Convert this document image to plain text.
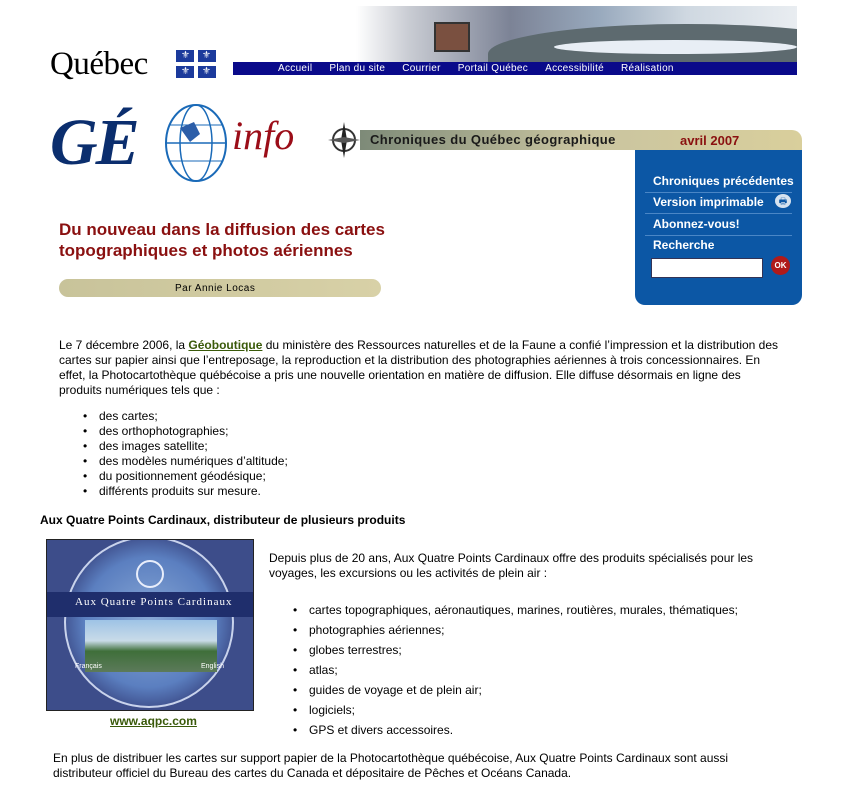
Québec	⚜ ⚜
⚜ ⚜	Accueil	Plan du site	Courrier	Portail Québec	Accessibilité	Réalisation
GÉ info	Chroniques du Québec géographique	avril 2007
Chroniques précédentes
Version imprimable	🖶
Abonnez-vous!
Recherche
OK
Du nouveau dans la diffusion des cartes topographiques et photos aériennes
Par Annie Locas
Le 7 décembre 2006, la Géoboutique du ministère des Ressources naturelles et de la Faune a confié l’impression et la distribution des cartes sur papier ainsi que l’entreposage, la reproduction et la distribution des photographies aériennes à trois concessionnaires. En effet, la Photocartothèque québécoise a pris une nouvelle orientation en matière de diffusion. Elle diffuse désormais en ligne des produits numériques tels que :
• des cartes;
• des orthophotographies;
• des images satellite;
• des modèles numériques d’altitude;
• du positionnement géodésique;
• différents produits sur mesure.
Aux Quatre Points Cardinaux, distributeur de plusieurs produits
Aux Quatre Points Cardinaux
Français	English
www.aqpc.com
Depuis plus de 20 ans, Aux Quatre Points Cardinaux offre des produits spécialisés pour les voyages, les excursions ou les activités de plein air :
• cartes topographiques, aéronautiques, marines, routières, murales, thématiques;
• photographies aériennes;
• globes terrestres;
• atlas;
• guides de voyage et de plein air;
• logiciels;
• GPS et divers accessoires.
En plus de distribuer les cartes sur support papier de la Photocartothèque québécoise, Aux Quatre Points Cardinaux sont aussi distributeur officiel du Bureau des cartes du Canada et dépositaire de Pêches et Océans Canada.
